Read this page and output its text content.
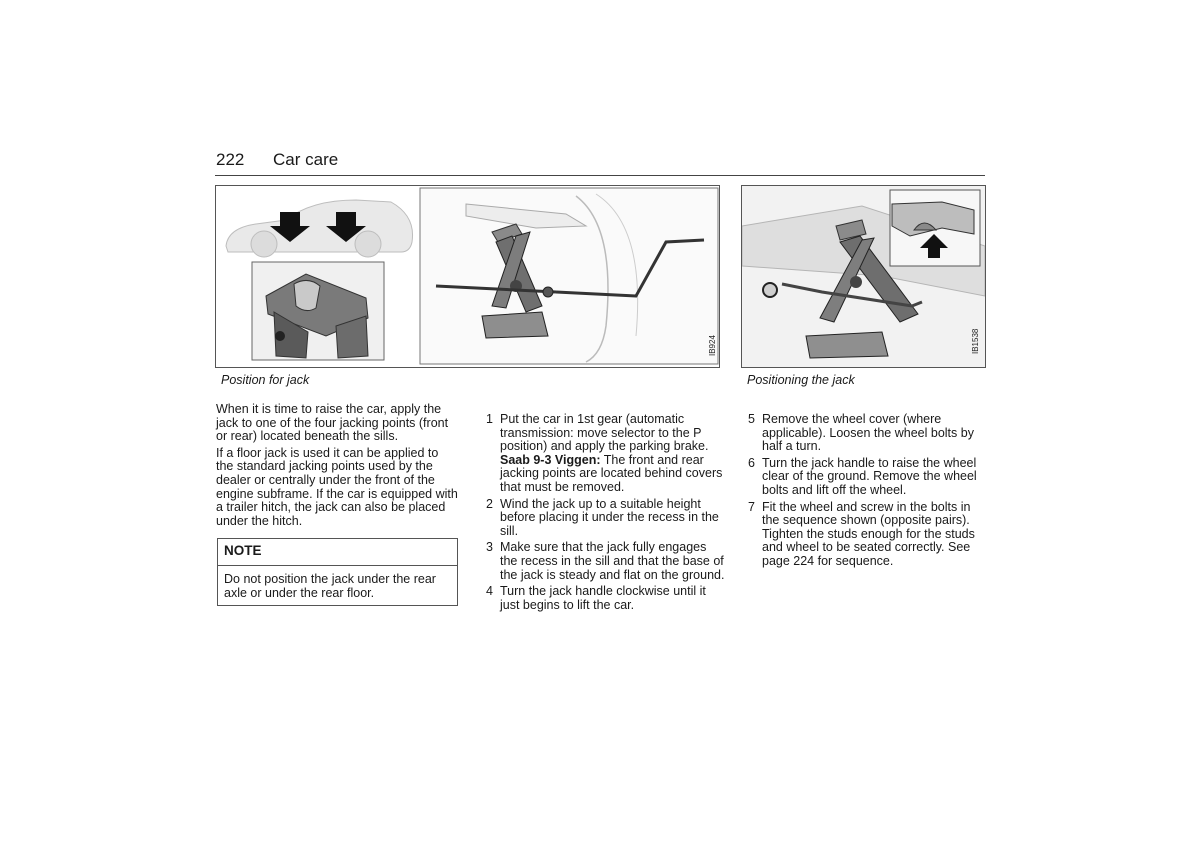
222 Car care
IB924	IB1538
Position for jack	Positioning the jack

When it is time to raise the car, apply the jack to one of the four jacking points (front or rear) located beneath the sills.

If a floor jack is used it can be applied to the standard jacking points used by the dealer or centrally under the front of the engine subframe. If the car is equipped with a trailer hitch, the jack can also be placed under the hitch.

NOTE
Do not position the jack under the rear axle or under the rear floor.
1 Put the car in 1st gear (automatic transmission: move selector to the P position) and apply the parking brake.
Saab 9-3 Viggen: The front and rear jacking points are located behind covers that must be removed.
2 Wind the jack up to a suitable height before placing it under the recess in the sill.
3 Make sure that the jack fully engages the recess in the sill and that the base of the jack is steady and flat on the ground.
4 Turn the jack handle clockwise until it just begins to lift the car.
5 Remove the wheel cover (where applicable). Loosen the wheel bolts by half a turn.
6 Turn the jack handle to raise the wheel clear of the ground. Remove the wheel bolts and lift off the wheel.
7 Fit the wheel and screw in the bolts in the sequence shown (opposite pairs). Tighten the studs enough for the studs and wheel to be seated correctly. See page 224 for sequence.
